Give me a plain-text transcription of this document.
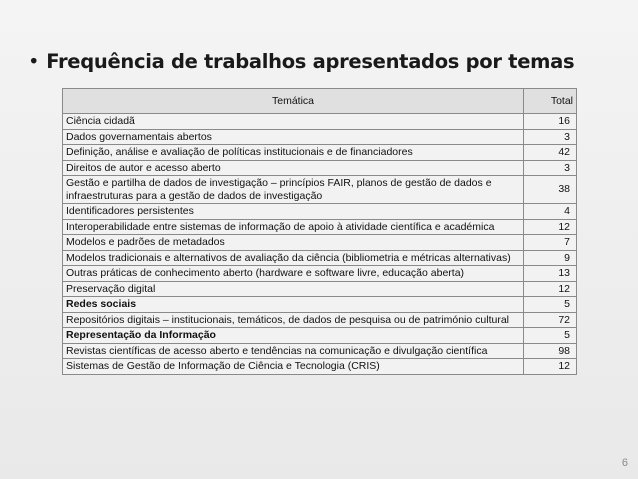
• Frequência de trabalhos apresentados por temas
Temática	Total
Ciência cidadã	16
Dados governamentais abertos	3
Definição, análise e avaliação de políticas institucionais e de financiadores	42
Direitos de autor e acesso aberto	3
Gestão e partilha de dados de investigação – princípios FAIR, planos de gestão de dados e infraestruturas para a gestão de dados de investigação	38
Identificadores persistentes	4
Interoperabilidade entre sistemas de informação de apoio à atividade científica e académica	12
Modelos e padrões de metadados	7
Modelos tradicionais e alternativos de avaliação da ciência (bibliometria e métricas alternativas)	9
Outras práticas de conhecimento aberto (hardware e software livre, educação aberta)	13
Preservação digital	12
Redes sociais	5
Repositórios digitais – institucionais, temáticos, de dados de pesquisa ou de património cultural	72
Representação da Informação	5
Revistas científicas de acesso aberto e tendências na comunicação e divulgação científica	98
Sistemas de Gestão de Informação de Ciência e Tecnologia (CRIS)	12
6
